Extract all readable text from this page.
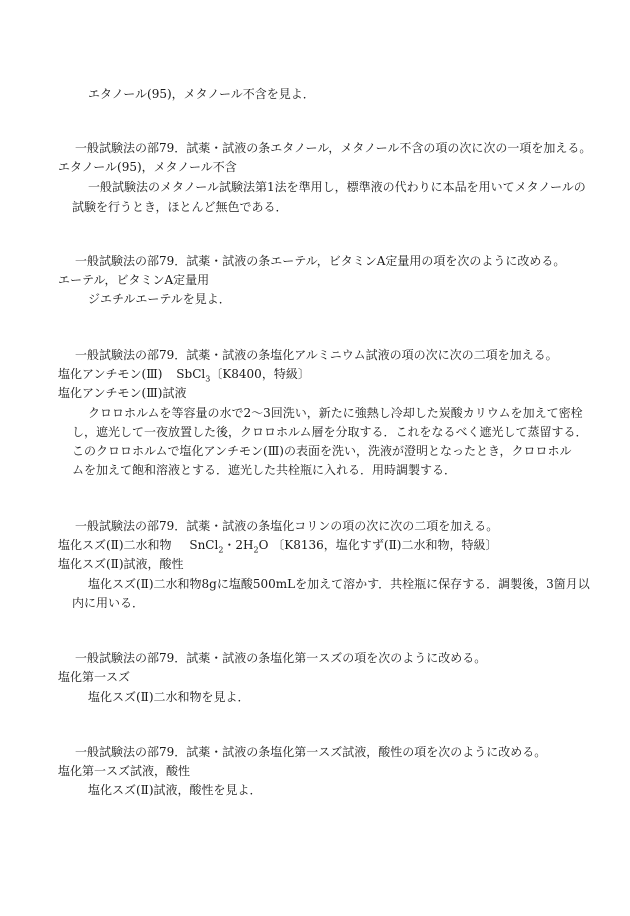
エタノール(95)，メタノール不含を見よ．
一般試験法の部79．試薬・試液の条エタノール，メタノール不含の項の次に次の一項を加える。
エタノール(95)，メタノール不含
一般試験法のメタノール試験法第1法を準用し，標準液の代わりに本品を用いてメタノールの
試験を行うとき，ほとんど無色である．
一般試験法の部79．試薬・試液の条エーテル，ビタミンA定量用の項を次のように改める。
エーテル，ビタミンA定量用
ジエチルエーテルを見よ．
一般試験法の部79．試薬・試液の条塩化アルミニウム試液の項の次に次の二項を加える。
塩化アンチモン(Ⅲ) SbCl$_3$〔K8400，特級〕
塩化アンチモン(Ⅲ)試液
クロロホルムを等容量の水で2～3回洗い，新たに強熱し冷却した炭酸カリウムを加えて密栓
し，遮光して一夜放置した後，クロロホルム層を分取する．これをなるべく遮光して蒸留する．
このクロロホルムで塩化アンチモン(Ⅲ)の表面を洗い，洗液が澄明となったとき，クロロホル
ムを加えて飽和溶液とする．遮光した共栓瓶に入れる．用時調製する．
一般試験法の部79．試薬・試液の条塩化コリンの項の次に次の二項を加える。
塩化スズ(Ⅱ)二水和物 SnCl$_2$・$2H_2O$ 〔K8136，塩化すず(Ⅱ)二水和物，特級〕
塩化スズ(Ⅱ)試液，酸性
塩化スズ(Ⅱ)二水和物8gに塩酸500mLを加えて溶かす．共栓瓶に保存する．調製後，3箇月以
内に用いる．
一般試験法の部79．試薬・試液の条塩化第一スズの項を次のように改める。
塩化第一スズ
塩化スズ(Ⅱ)二水和物を見よ．
一般試験法の部79．試薬・試液の条塩化第一スズ試液，酸性の項を次のように改める。
塩化第一スズ試液，酸性
塩化スズ(Ⅱ)試液，酸性を見よ．
